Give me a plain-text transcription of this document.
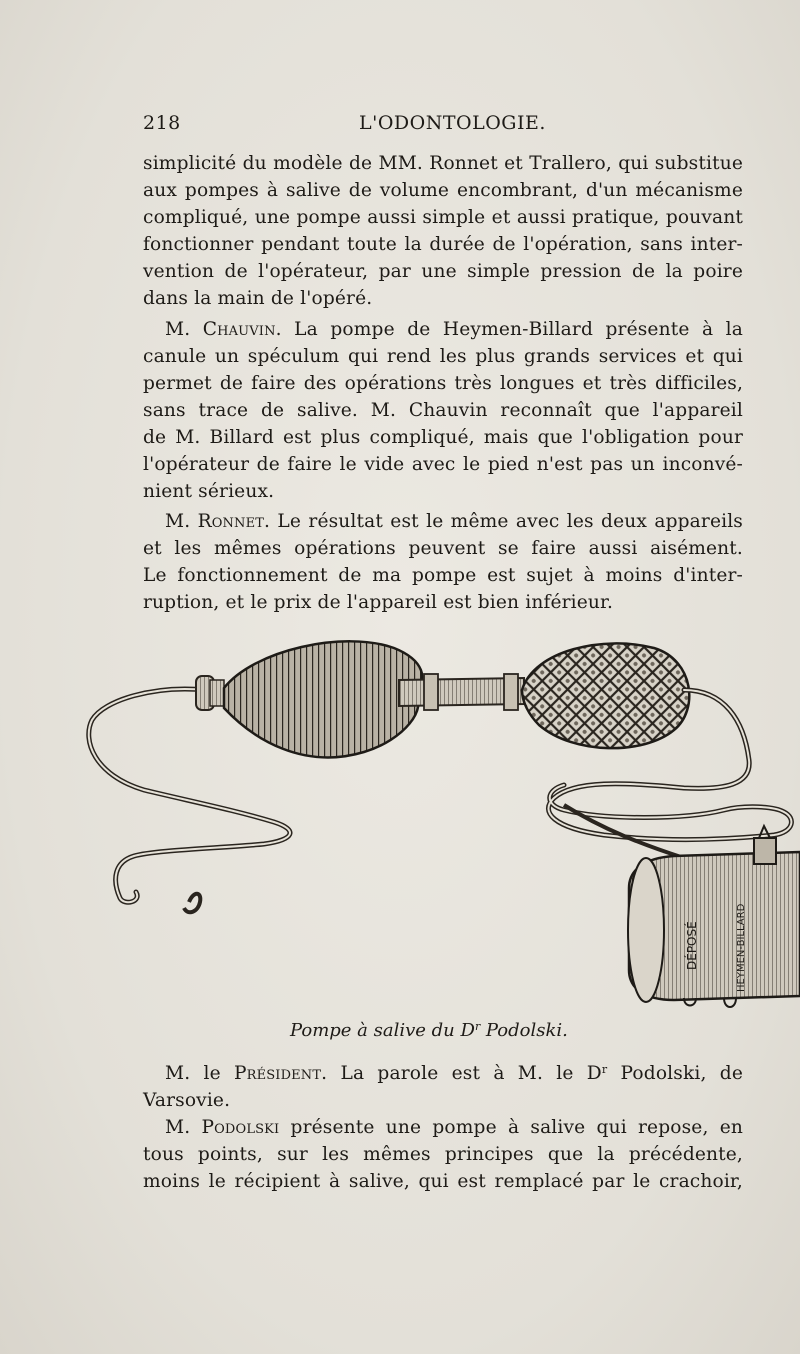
218	L'ODONTOLOGIE.
simplicité du modèle de MM. Ronnet et Trallero, qui substitue
aux pompes à salive de volume encombrant, d'un mécanisme
compliqué, une pompe aussi simple et aussi pratique, pouvant
fonctionner pendant toute la durée de l'opération, sans inter-
vention de l'opérateur, par une simple pression de la poire
dans la main de l'opéré.
M. Chauvin. La pompe de Heymen-Billard présente à la
canule un spéculum qui rend les plus grands services et qui
permet de faire des opérations très longues et très difficiles,
sans trace de salive. M. Chauvin reconnaît que l'appareil
de M. Billard est plus compliqué, mais que l'obligation pour
l'opérateur de faire le vide avec le pied n'est pas un inconvé-
nient sérieux.
M. Ronnet. Le résultat est le même avec les deux appareils
et les mêmes opérations peuvent se faire aussi aisément.
Le fonctionnement de ma pompe est sujet à moins d'inter-
ruption, et le prix de l'appareil est bien inférieur.
DÉPOSÉ	HEYMEN-BILLARD
Pompe à salive du $D^r$ Podolski.
M. le Président. La parole est à M. le $D^r$ Podolski, de
Varsovie.
M. Podolski présente une pompe à salive qui repose, en
tous points, sur les mêmes principes que la précédente,
moins le récipient à salive, qui est remplacé par le crachoir,
